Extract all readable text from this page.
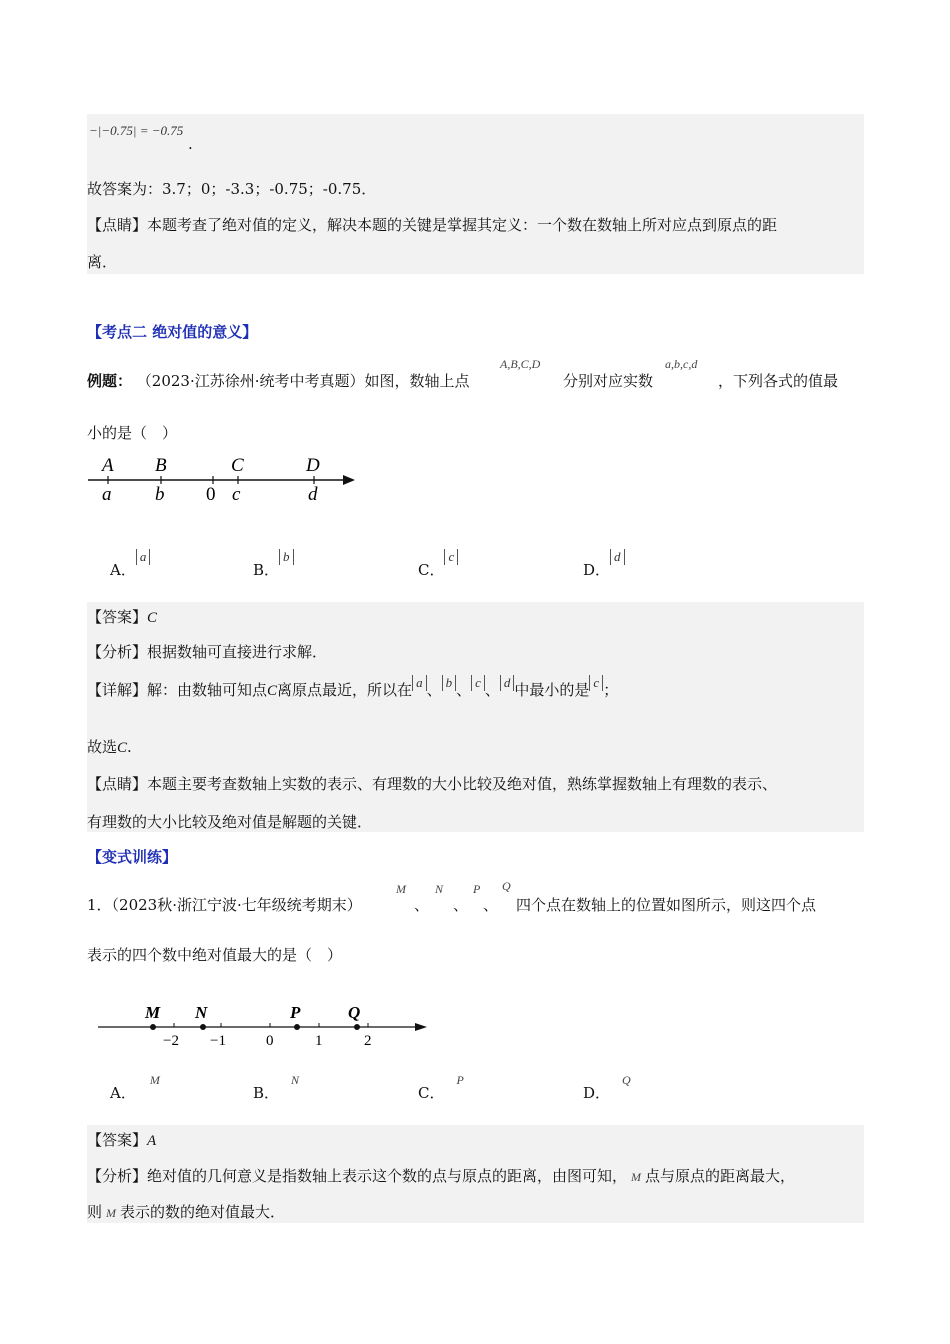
−|−0.75| = −0.75 .
故答案为：3.7；0；-3.3；-0.75；-0.75．
【点睛】本题考查了绝对值的定义，解决本题的关键是掌握其定义：一个数在数轴上所对应点到原点的距
离．
【考点二 绝对值的意义】
例题： （2023·江苏徐州·统考中考真题）如图，数轴上点
A,B,C,D
分别对应实数
a,b,c,d
，下列各式的值最
小的是（　）
A B	C	D
a b 0 c	d
A．a
B．b
C．c
D．d
【答案】C
【分析】根据数轴可直接进行求解．
【详解】解：由数轴可知点C离原点最近，所以在 a 、 b 、 c 、 d 中最小的是 c ；
故选C.
【点睛】本题主要考查数轴上实数的表示、有理数的大小比较及绝对值，熟练掌握数轴上有理数的表示、
有理数的大小比较及绝对值是解题的关键．
【变式训练】
1．（2023秋·浙江宁波·七年级统考期末）
M
、
N
、
P
、
Q
四个点在数轴上的位置如图所示，则这四个点
表示的四个数中绝对值最大的是（　）
M N	P	Q
−2 −1	0	1	2
A．M
B．N
C．P
D．Q
【答案】A
【分析】绝对值的几何意义是指数轴上表示这个数的点与原点的距离，由图可知， M 点与原点的距离最大，
则 M 表示的数的绝对值最大．
